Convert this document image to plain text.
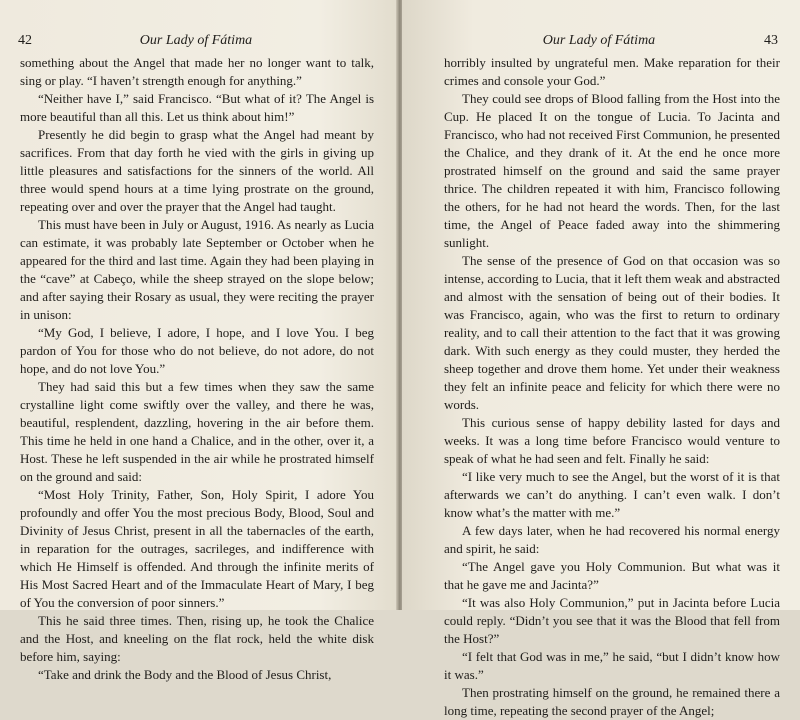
42	Our Lady of Fátima

something about the Angel that made her no longer want to talk, sing or play. “I haven’t strength enough for anything.”

“Neither have I,” said Francisco. “But what of it? The Angel is more beautiful than all this. Let us think about him!”

Presently he did begin to grasp what the Angel had meant by sacrifices. From that day forth he vied with the girls in giving up little pleasures and satisfactions for the sinners of the world. All three would spend hours at a time lying prostrate on the ground, repeating over and over the prayer that the Angel had taught.

This must have been in July or August, 1916. As nearly as Lucia can estimate, it was probably late September or October when he appeared for the third and last time. Again they had been playing in the “cave” at Cabeço, while the sheep strayed on the slope below; and after saying their Rosary as usual, they were reciting the prayer in unison:

“My God, I believe, I adore, I hope, and I love You. I beg pardon of You for those who do not believe, do not adore, do not hope, and do not love You.”

They had said this but a few times when they saw the same crystalline light come swiftly over the valley, and there he was, beautiful, resplendent, dazzling, hovering in the air before them. This time he held in one hand a Chalice, and in the other, over it, a Host. These he left suspended in the air while he prostrated himself on the ground and said:

“Most Holy Trinity, Father, Son, Holy Spirit, I adore You profoundly and offer You the most precious Body, Blood, Soul and Divinity of Jesus Christ, present in all the tabernacles of the earth, in reparation for the outrages, sacrileges, and indifference with which He Himself is offended. And through the infinite merits of His Most Sacred Heart and of the Immaculate Heart of Mary, I beg of You the conversion of poor sinners.”

This he said three times. Then, rising up, he took the Chalice and the Host, and kneeling on the flat rock, held the white disk before him, saying:

“Take and drink the Body and the Blood of Jesus Christ,

Our Lady of Fátima	43

horribly insulted by ungrateful men. Make reparation for their crimes and console your God.”

They could see drops of Blood falling from the Host into the Cup. He placed It on the tongue of Lucia. To Jacinta and Francisco, who had not received First Communion, he presented the Chalice, and they drank of it. At the end he once more prostrated himself on the ground and said the same prayer thrice. The children repeated it with him, Francisco following the others, for he had not heard the words. Then, for the last time, the Angel of Peace faded away into the shimmering sunlight.

The sense of the presence of God on that occasion was so intense, according to Lucia, that it left them weak and abstracted and almost with the sensation of being out of their bodies. It was Francisco, again, who was the first to return to ordinary reality, and to call their attention to the fact that it was growing dark. With such energy as they could muster, they herded the sheep together and drove them home. Yet under their weakness they felt an infinite peace and felicity for which there were no words.

This curious sense of happy debility lasted for days and weeks. It was a long time before Francisco would venture to speak of what he had seen and felt. Finally he said:

“I like very much to see the Angel, but the worst of it is that afterwards we can’t do anything. I can’t even walk. I don’t know what’s the matter with me.”

A few days later, when he had recovered his normal energy and spirit, he said:

“The Angel gave you Holy Communion. But what was it that he gave me and Jacinta?”

“It was also Holy Communion,” put in Jacinta before Lucia could reply. “Didn’t you see that it was the Blood that fell from the Host?”

“I felt that God was in me,” he said, “but I didn’t know how it was.”

Then prostrating himself on the ground, he remained there a long time, repeating the second prayer of the Angel;
